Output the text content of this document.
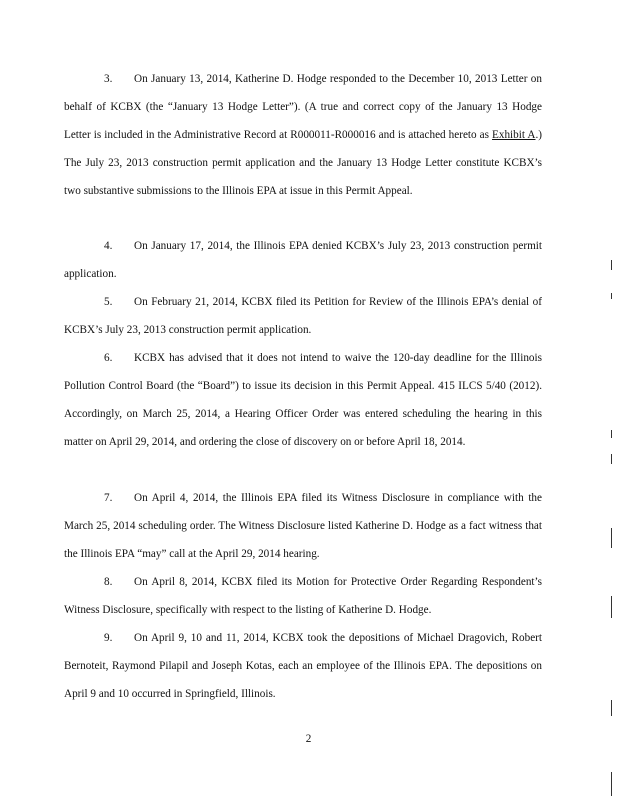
3. On January 13, 2014, Katherine D. Hodge responded to the December 10, 2013 Letter on behalf of KCBX (the “January 13 Hodge Letter”). (A true and correct copy of the January 13 Hodge Letter is included in the Administrative Record at R000011-R000016 and is attached hereto as Exhibit A.) The July 23, 2013 construction permit application and the January 13 Hodge Letter constitute KCBX’s two substantive submissions to the Illinois EPA at issue in this Permit Appeal.

4. On January 17, 2014, the Illinois EPA denied KCBX’s July 23, 2013 construction permit application.

5. On February 21, 2014, KCBX filed its Petition for Review of the Illinois EPA’s denial of KCBX’s July 23, 2013 construction permit application.

6. KCBX has advised that it does not intend to waive the 120-day deadline for the Illinois Pollution Control Board (the “Board”) to issue its decision in this Permit Appeal. 415 ILCS 5/40 (2012). Accordingly, on March 25, 2014, a Hearing Officer Order was entered scheduling the hearing in this matter on April 29, 2014, and ordering the close of discovery on or before April 18, 2014.

7. On April 4, 2014, the Illinois EPA filed its Witness Disclosure in compliance with the March 25, 2014 scheduling order. The Witness Disclosure listed Katherine D. Hodge as a fact witness that the Illinois EPA “may” call at the April 29, 2014 hearing.

8. On April 8, 2014, KCBX filed its Motion for Protective Order Regarding Respondent’s Witness Disclosure, specifically with respect to the listing of Katherine D. Hodge.

9. On April 9, 10 and 11, 2014, KCBX took the depositions of Michael Dragovich, Robert Bernoteit, Raymond Pilapil and Joseph Kotas, each an employee of the Illinois EPA. The depositions on April 9 and 10 occurred in Springfield, Illinois.

2
